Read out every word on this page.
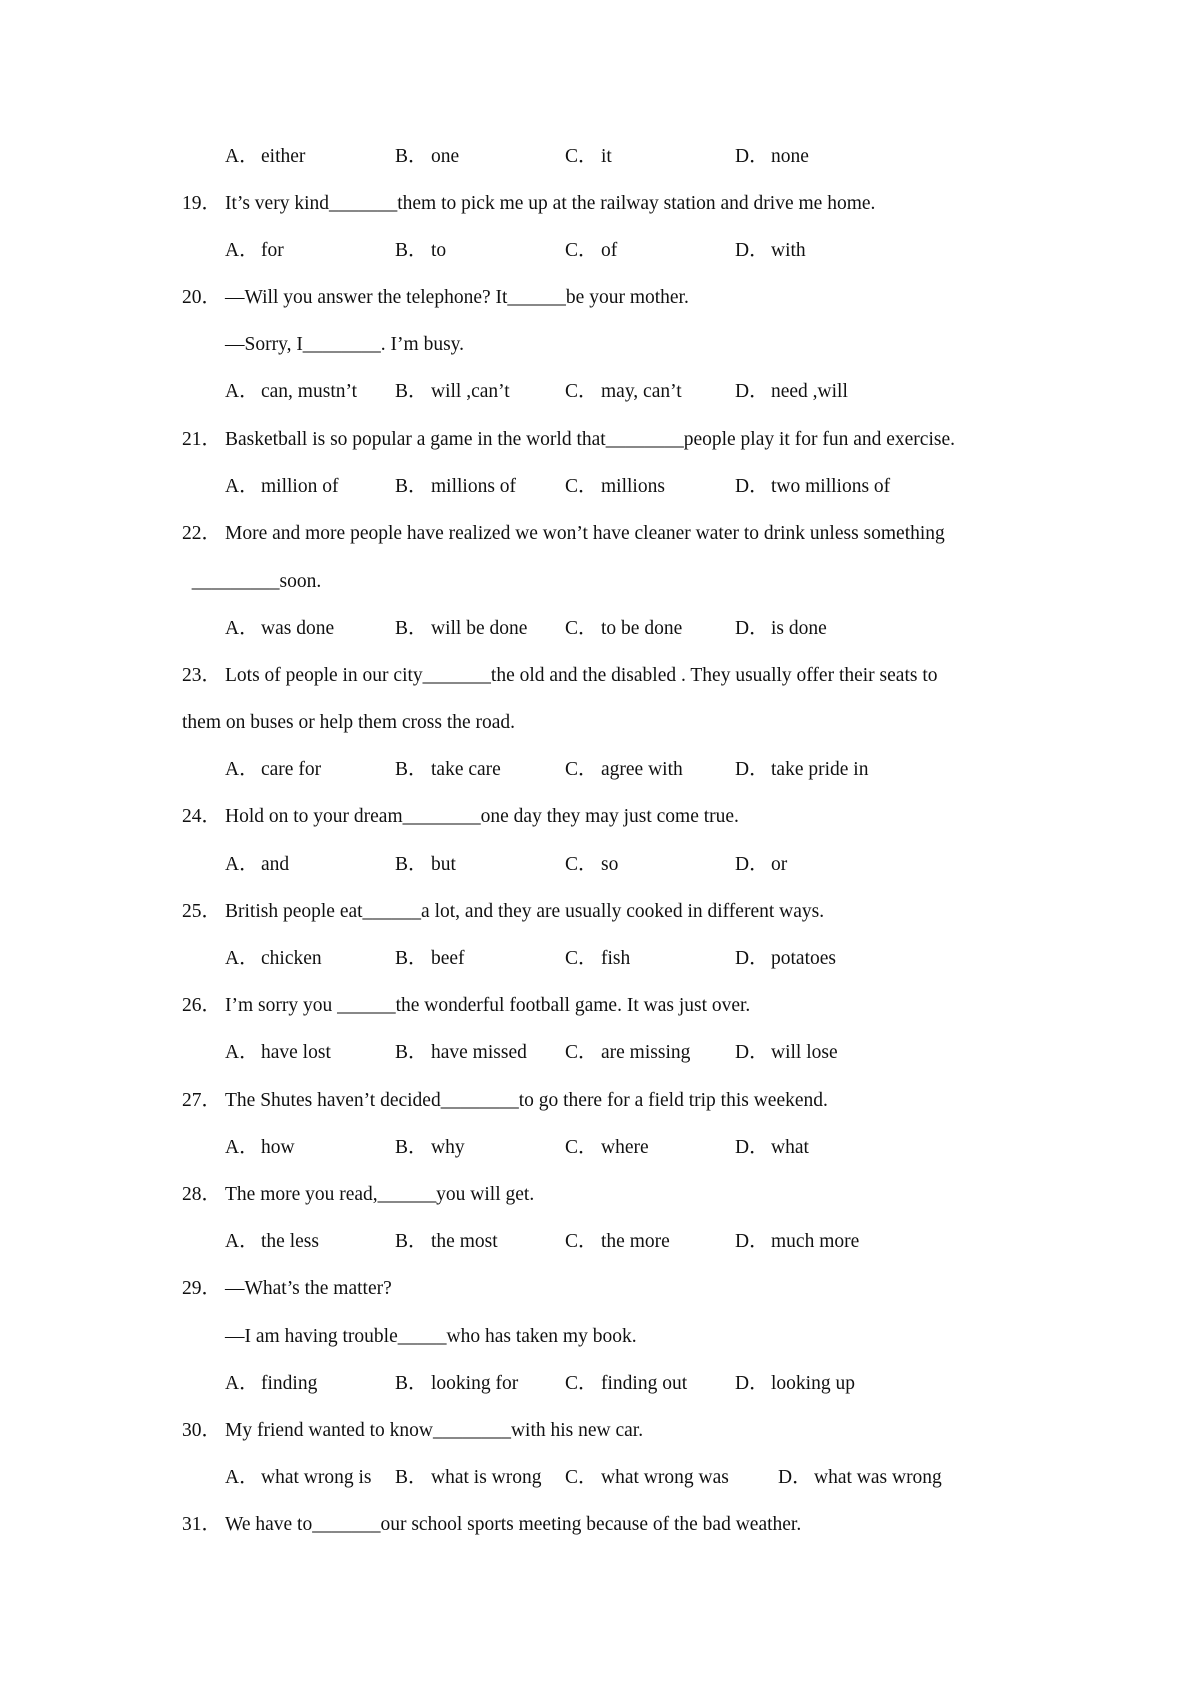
A． either	B． one	C． it	D． none
19． It’s very kind_______them to pick me up at the railway station and drive me home.
A． for	B． to	C． of	D． with
20． —Will you answer the telephone? It______be your mother.
—Sorry, I________. I’m busy.
A． can, mustn’t B． will ,can’t	C． may, can’t	D． need ,will
21． Basketball is so popular a game in the world that________people play it for fun and exercise.
A． million of	B． millions of	C． millions	D． two millions of
22． More and more people have realized we won’t have cleaner water to drink unless something
_________soon.
A． was done	B． will be done C． to be done	D． is done
23． Lots of people in our city_______the old and the disabled . They usually offer their seats to
them on buses or help them cross the road.
A． care for	B． take care	C． agree with	D． take pride in
24． Hold on to your dream________one day they may just come true.
A． and	B． but	C． so	D． or
25． British people eat______a lot, and they are usually cooked in different ways.
A． chicken	B． beef	C． fish	D． potatoes
26． I’m sorry you ______the wonderful football game. It was just over.
A． have lost	B． have missed C． are missing D． will lose
27． The Shutes haven’t decided________to go there for a field trip this weekend.
A． how	B． why	C． where	D． what
28． The more you read,______you will get.
A． the less	B． the most	C． the more	D． much more
29． —What’s the matter?
—I am having trouble_____who has taken my book.
A． finding	B． looking for C． finding out D． looking up
30． My friend wanted to know________with his new car.
A． what wrong is B． what is wrong C． what wrong was	D． what was wrong
31． We have to_______our school sports meeting because of the bad weather.
